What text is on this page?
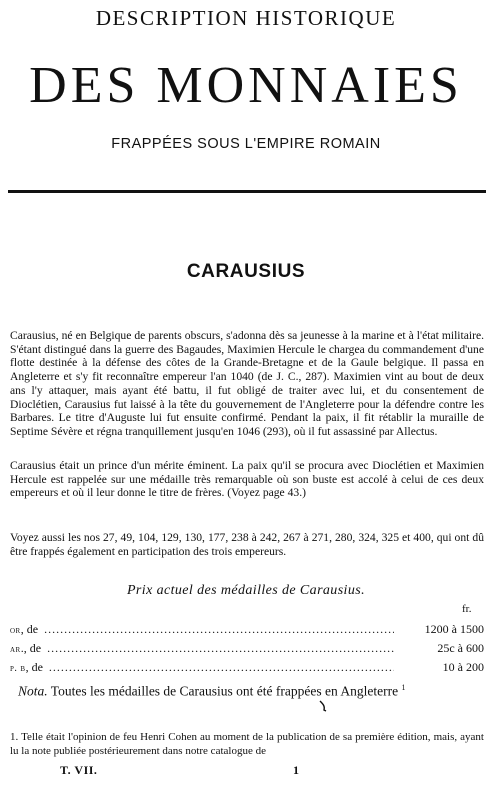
DESCRIPTION HISTORIQUE
DES MONNAIES
FRAPPÉES SOUS L'EMPIRE ROMAIN
CARAUSIUS

Carausius, né en Belgique de parents obscurs, s'adonna dès sa jeunesse à la marine et à l'état militaire. S'étant distingué dans la guerre des Bagaudes, Maximien Hercule le chargea du commandement d'une flotte destinée à la défense des côtes de la Grande-Bretagne et de la Gaule belgique. Il passa en Angleterre et s'y fit reconnaître empereur l'an 1040 (de J. C., 287). Maximien vint au bout de deux ans l'y attaquer, mais ayant été battu, il fut obligé de traiter avec lui, et du consentement de Dioclétien, Carausius fut laissé à la tête du gouvernement de l'Angleterre pour la défendre contre les Barbares. Le titre d'Auguste lui fut ensuite confirmé. Pendant la paix, il fit rétablir la muraille de Septime Sévère et régna tranquillement jusqu'en 1046 (293), où il fut assassiné par Allectus.

Carausius était un prince d'un mérite éminent. La paix qu'il se procura avec Dioclétien et Maximien Hercule est rappelée sur une médaille très remarquable où son buste est accolé à celui de ces deux empereurs et où il leur donne le titre de frères. (Voyez page 43.)

Voyez aussi les nos 27, 49, 104, 129, 130, 177, 238 à 242, 267 à 271, 280, 324, 325 et 400, qui ont dû être frappés également en participation des trois empereurs.

Prix actuel des médailles de Carausius.
fr.
or, de . . .	1200 à 1500
ar., de . . .	25c à 600
p. b, de . . .	10 à 200
Nota. Toutes les médailles de Carausius ont été frappées en Angleterre $^1$
1. Telle était l'opinion de feu Henri Cohen au moment de la publication de sa première édition, mais, ayant lu la note publiée postérieurement dans notre catalogue de
T. VII.	1
